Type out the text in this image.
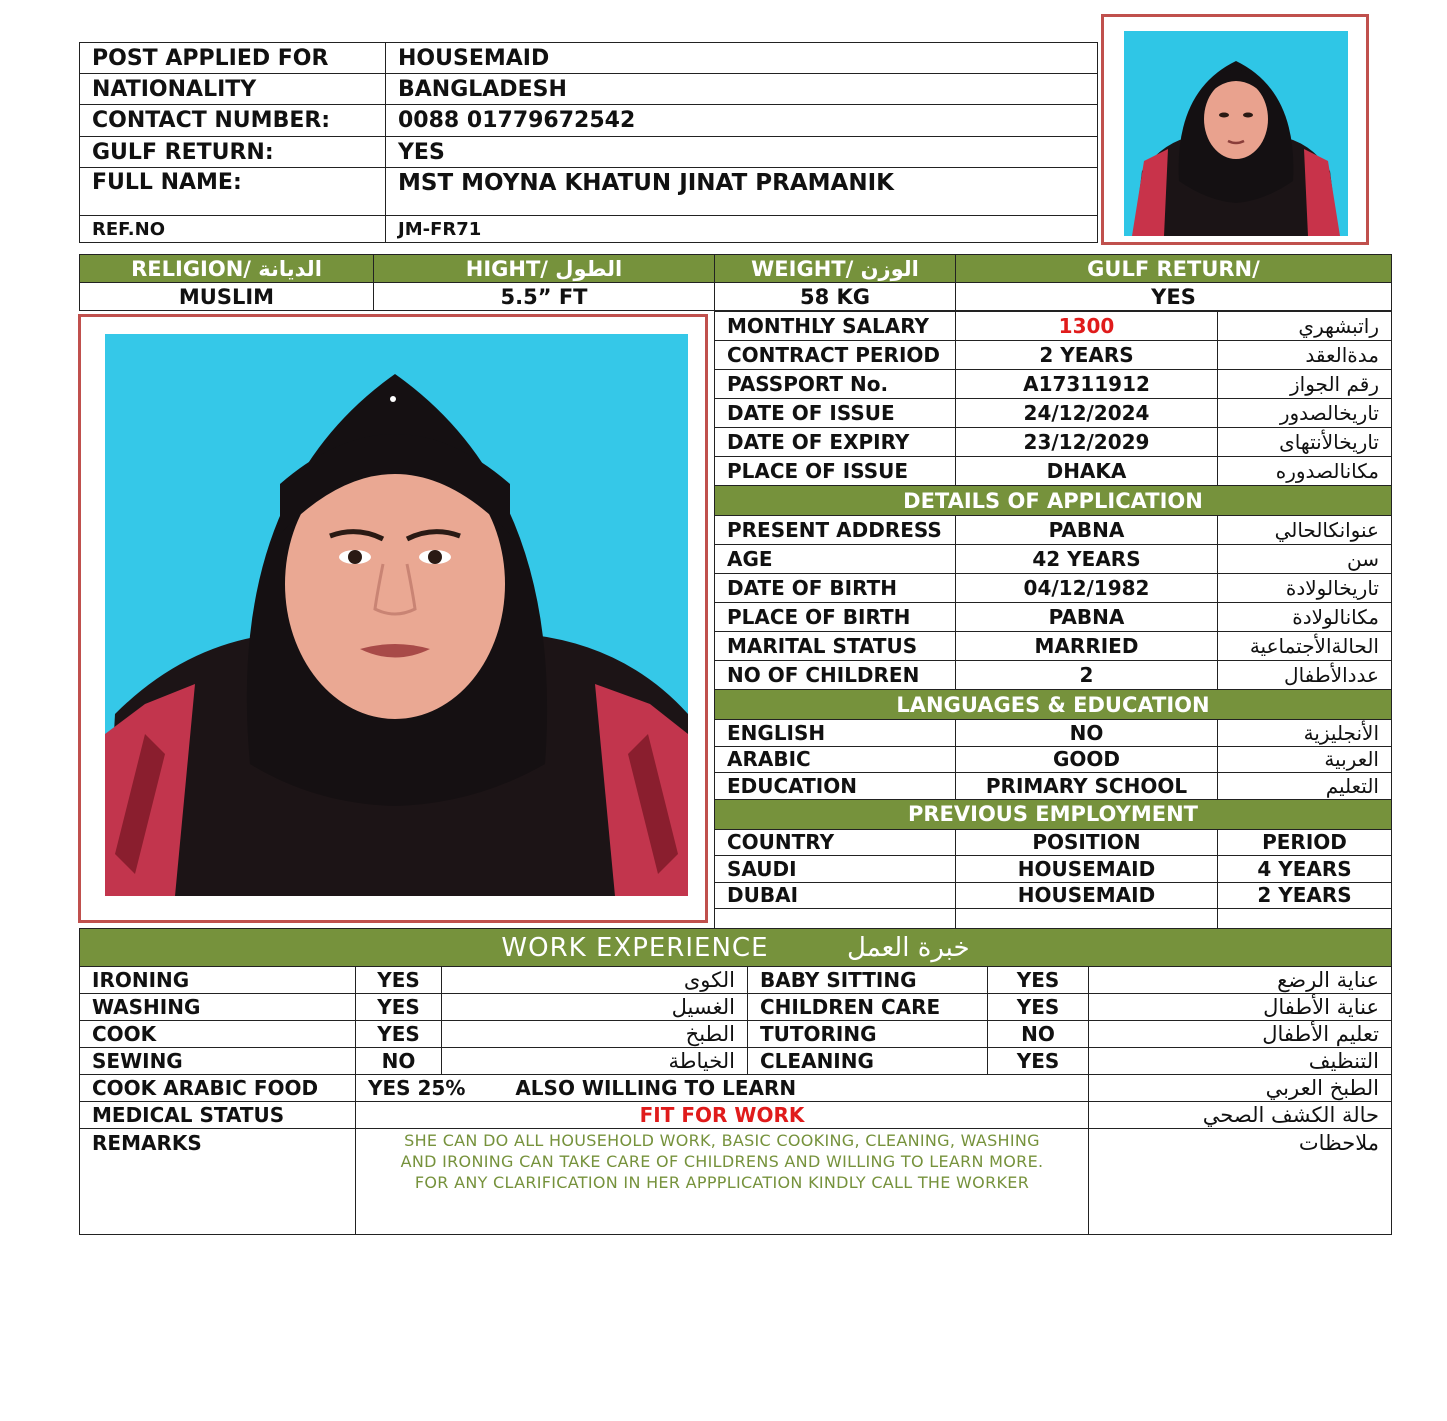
POST APPLIED FOR	HOUSEMAID
NATIONALITY	BANGLADESH
CONTACT NUMBER:	0088 01779672542
GULF RETURN:	YES
FULL NAME:	MST MOYNA KHATUN JINAT PRAMANIK
REF.NO	JM-FR71
RELIGION/ الديانة	HIGHT/ الطول	WEIGHT/ الوزن	GULF RETURN/
MUSLIM	5.5” FT	58 KG	YES
MONTHLY SALARY	1300	راتبشهري
CONTRACT PERIOD	2 YEARS	مدةالعقد
PASSPORT No.	A17311912	رقم الجواز
DATE OF ISSUE	24/12/2024	تاريخالصدور
DATE OF EXPIRY	23/12/2029	تاريخالأنتهاى
PLACE OF ISSUE	DHAKA	مكانالصدوره
DETAILS OF APPLICATION		
PRESENT ADDRESS	PABNA	عنوانكالحالي
AGE	42 YEARS	سن
DATE OF BIRTH	04/12/1982	تاريخالولادة
PLACE OF BIRTH	PABNA	مكانالولادة
MARITAL STATUS	MARRIED	الحالةالأجتماعية
NO OF CHILDREN	2	عددالأطفال
LANGUAGES & EDUCATION		
ENGLISH	NO	الأنجليزية
ARABIC	GOOD	العربية
EDUCATION	PRIMARY SCHOOL	التعليم
PREVIOUS EMPLOYMENT		
COUNTRY	POSITION	PERIOD
SAUDI	HOUSEMAID	4 YEARS
DUBAI	HOUSEMAID	2 YEARS

WORK EXPERIENCE خبرة العمل					
IRONING	YES	الكوى	BABY SITTING	YES	عناية الرضع
WASHING	YES	الغسيل	CHILDREN CARE	YES	عناية الأطفال
COOK	YES	الطبخ	TUTORING	NO	تعليم الأطفال
SEWING	NO	الخياطة	CLEANING	YES	التنظيف
COOK ARABIC FOOD	YES 25% ALSO WILLING TO LEARN				الطبخ العربي
MEDICAL STATUS	FIT FOR WORK				حالة الكشف الصحي
REMARKS	SHE CAN DO ALL HOUSEHOLD WORK, BASIC COOKING, CLEANING, WASHING
AND IRONING CAN TAKE CARE OF CHILDRENS AND WILLING TO LEARN MORE.
FOR ANY CLARIFICATION IN HER APPPLICATION KINDLY CALL THE WORKER				ملاحظات
